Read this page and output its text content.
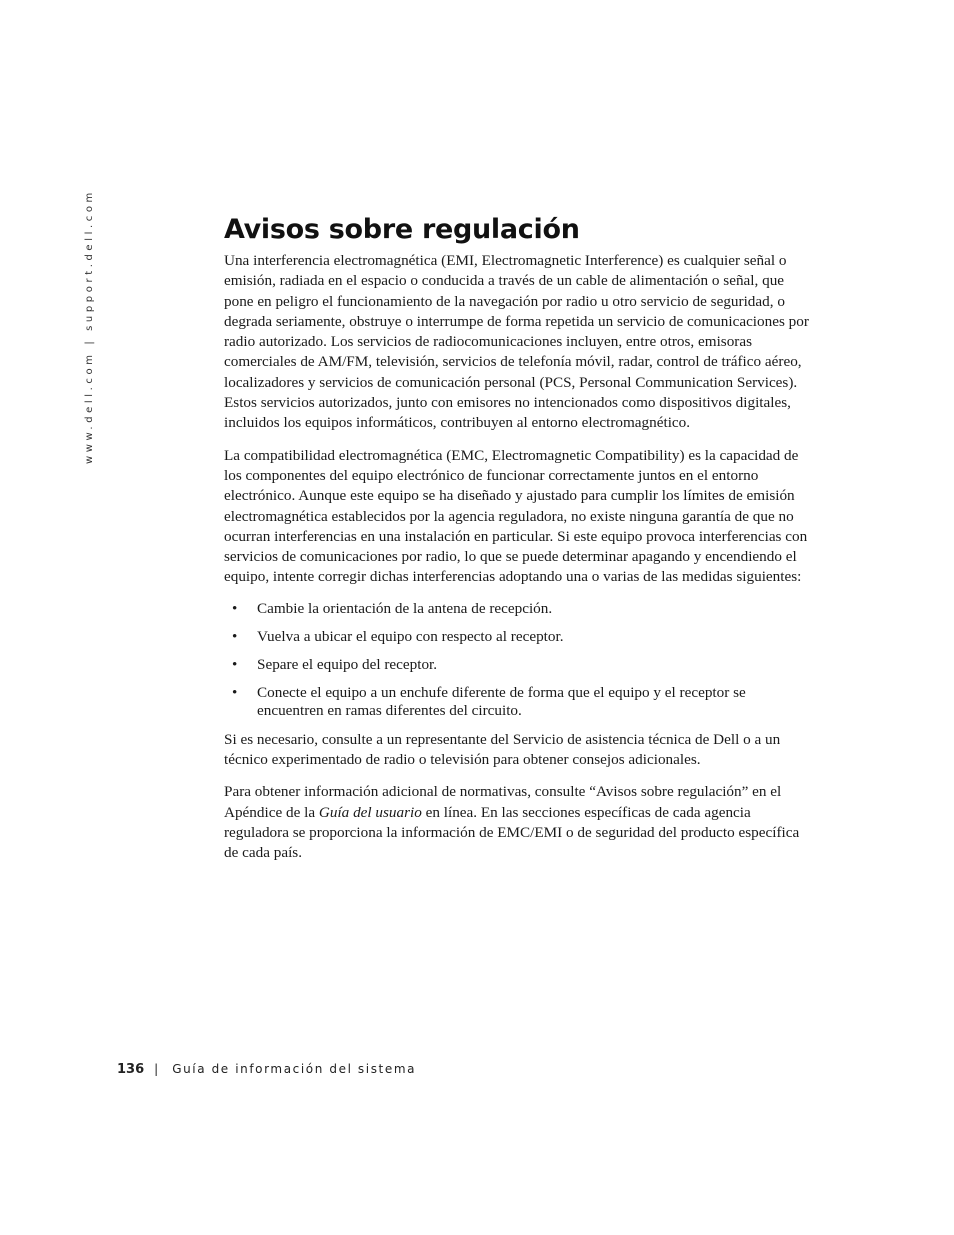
www.dell.com | support.dell.com	Avisos sobre regulación

Una interferencia electromagnética (EMI, Electromagnetic Interference) es cualquier señal o emisión, radiada en el espacio o conducida a través de un cable de alimentación o señal, que pone en peligro el funcionamiento de la navegación por radio u otro servicio de seguridad, o degrada seriamente, obstruye o interrumpe de forma repetida un servicio de comunicaciones por radio autorizado. Los servicios de radiocomunicaciones incluyen, entre otros, emisoras comerciales de AM/FM, televisión, servicios de telefonía móvil, radar, control de tráfico aéreo, localizadores y servicios de comunicación personal (PCS, Personal Communication Services). Estos servicios autorizados, junto con emisores no intencionados como dispositivos digitales, incluidos los equipos informáticos, contribuyen al entorno electromagnético.

La compatibilidad electromagnética (EMC, Electromagnetic Compatibility) es la capacidad de los componentes del equipo electrónico de funcionar correctamente juntos en el entorno electrónico. Aunque este equipo se ha diseñado y ajustado para cumplir los límites de emisión electromagnética establecidos por la agencia reguladora, no existe ninguna garantía de que no ocurran interferencias en una instalación en particular. Si este equipo provoca interferencias con servicios de comunicaciones por radio, lo que se puede determinar apagando y encendiendo el equipo, intente corregir dichas interferencias adoptando una o varias de las medidas siguientes:

• Cambie la orientación de la antena de recepción.
• Vuelva a ubicar el equipo con respecto al receptor.
• Separe el equipo del receptor.
• Conecte el equipo a un enchufe diferente de forma que el equipo y el receptor se encuentren en ramas diferentes del circuito.

Si es necesario, consulte a un representante del Servicio de asistencia técnica de Dell o a un técnico experimentado de radio o televisión para obtener consejos adicionales.

Para obtener información adicional de normativas, consulte “Avisos sobre regulación” en el Apéndice de la Guía del usuario en línea. En las secciones específicas de cada agencia reguladora se proporciona la información de EMC/EMI o de seguridad del producto específica de cada país.

136 | Guía de información del sistema
